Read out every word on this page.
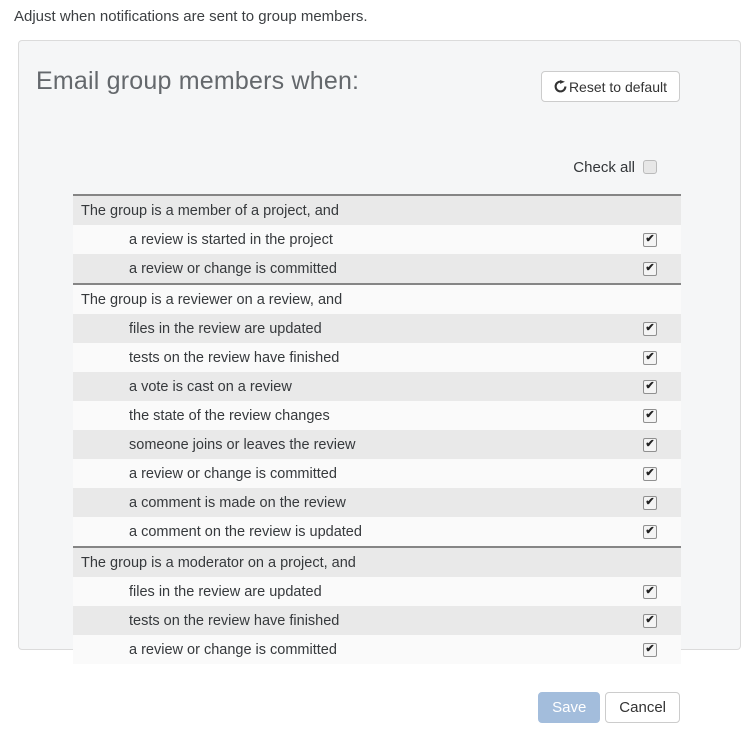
Adjust when notifications are sent to group members.
Email group members when:	Reset to default
Check all
The group is a member of a project, and
a review is started in the project	✔
a review or change is committed	✔
The group is a reviewer on a review, and
files in the review are updated	✔
tests on the review have finished	✔
a vote is cast on a review	✔
the state of the review changes	✔
someone joins or leaves the review	✔
a review or change is committed	✔
a comment is made on the review	✔
a comment on the review is updated	✔
The group is a moderator on a project, and
files in the review are updated	✔
tests on the review have finished	✔
a review or change is committed	✔
Save	Cancel
